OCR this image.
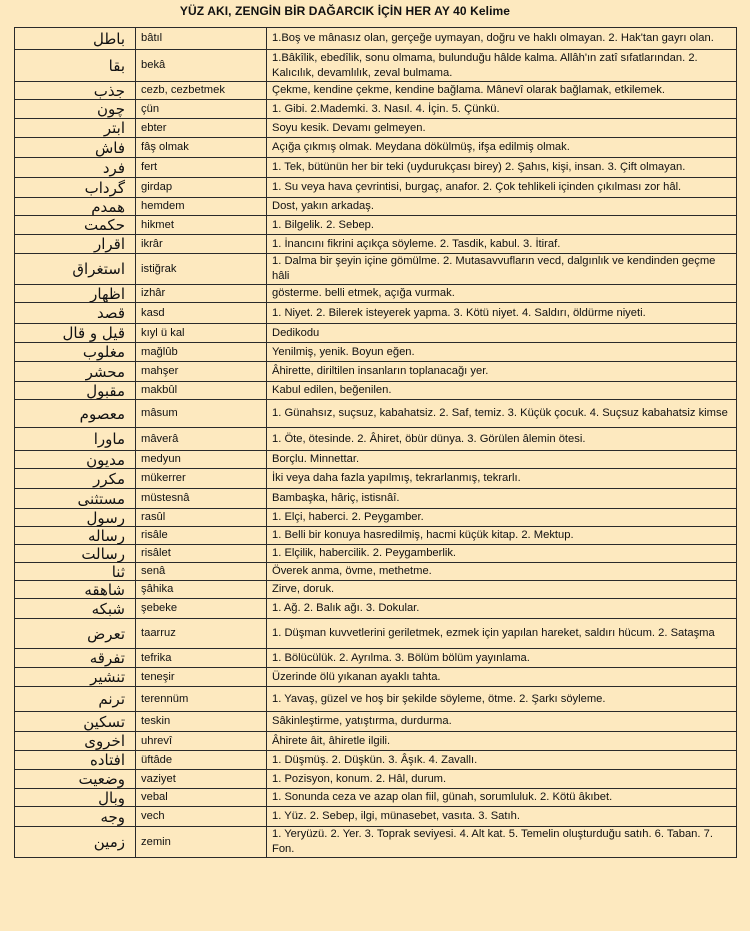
YÜZ AKI, ZENGİN BİR DAĞARCIK İÇİN HER AY 40 Kelime
باطل	bâtıl	1.Boş ve mânasız olan, gerçeğe uymayan, doğru ve haklı olmayan. 2. Hak'tan gayrı olan.
بقا	bekâ	1.Bâkîlik, ebedîlik, sonu olmama, bulunduğu hâlde kalma. Allâh'ın zatî sıfatlarından. 2. Kalıcılık, devamlılık, zeval bulmama.
جذب	cezb, cezbetmek	Çekme, kendine çekme, kendine bağlama. Mânevî olarak bağlamak, etkilemek.
چون	çün	1. Gibi. 2.Mademki. 3. Nasıl. 4. İçin. 5. Çünkü.
ابتر	ebter	Soyu kesik. Devamı gelmeyen.
فاش	fâş olmak	Açığa çıkmış olmak. Meydana dökülmüş, ifşa edilmiş olmak.
فرد	fert	1. Tek, bütünün her bir teki (uydurukçası birey) 2. Şahıs, kişi, insan. 3. Çift olmayan.
گرداب	girdap	1. Su veya hava çevrintisi, burgaç, anafor. 2. Çok tehlikeli içinden çıkılması zor hâl.
همدم	hemdem	Dost, yakın arkadaş.
حكمت	hikmet	1. Bilgelik. 2. Sebep.
اقرار	ikrâr	1. İnancını fikrini açıkça söyleme. 2. Tasdik, kabul. 3. İtiraf.
استغراق	istiğrak	1. Dalma bir şeyin içine gömülme. 2. Mutasavvufların vecd, dalgınlık ve kendinden geçme hâli
اظهار	izhâr	gösterme. belli etmek, açığa vurmak.
قصد	kasd	1. Niyet. 2. Bilerek isteyerek yapma. 3. Kötü niyet. 4. Saldırı, öldürme niyeti.
قيل و قال	kıyl ü kal	Dedikodu
مغلوب	mağlûb	Yenilmiş, yenik. Boyun eğen.
محشر	mahşer	Âhirette, diriltilen insanların toplanacağı yer.
مقبول	makbûl	Kabul edilen, beğenilen.
معصوم	mâsum	1. Günahsız, suçsuz, kabahatsiz. 2. Saf, temiz. 3. Küçük çocuk. 4. Suçsuz kabahatsiz kimse
ماورا	mâverâ	1. Öte, ötesinde. 2. Âhiret, öbür dünya. 3. Görülen âlemin ötesi.
مديون	medyun	Borçlu. Minnettar.
مكرر	mükerrer	İki veya daha fazla yapılmış, tekrarlanmış, tekrarlı.
مستثنى	müstesnâ	Bambaşka, hâriç, istisnâî.
رسول	rasûl	1. Elçi, haberci. 2. Peygamber.
رساله	risâle	1. Belli bir konuya hasredilmiş, hacmi küçük kitap. 2. Mektup.
رسالت	risâlet	1. Elçilik, habercilik. 2. Peygamberlik.
ثنا	senâ	Överek anma, övme, methetme.
شاهقه	şâhika	Zirve, doruk.
شبكه	şebeke	1. Ağ. 2. Balık ağı. 3. Dokular.
تعرض	taarruz	1. Düşman kuvvetlerini geriletmek, ezmek için yapılan hareket, saldırı hücum. 2. Sataşma
تفرقه	tefrika	1. Bölücülük. 2. Ayrılma. 3. Bölüm bölüm yayınlama.
تنشير	teneşir	Üzerinde ölü yıkanan ayaklı tahta.
ترنم	terennüm	1. Yavaş, güzel ve hoş bir şekilde söyleme, ötme. 2. Şarkı söyleme.
تسكين	teskin	Sâkinleştirme, yatıştırma, durdurma.
اخروى	uhrevî	Âhirete âit, âhiretle ilgili.
افتاده	üftâde	1. Düşmüş. 2. Düşkün. 3. Âşık. 4. Zavallı.
وضعيت	vaziyet	1. Pozisyon, konum. 2. Hâl, durum.
وبال	vebal	1. Sonunda ceza ve azap olan fiil, günah, sorumluluk. 2. Kötü âkıbet.
وجه	vech	1. Yüz. 2. Sebep, ilgi, münasebet, vasıta. 3. Satıh.
زمين	zemin	1. Yeryüzü. 2. Yer. 3. Toprak seviyesi. 4. Alt kat. 5. Temelin oluşturduğu satıh. 6. Taban. 7. Fon.
